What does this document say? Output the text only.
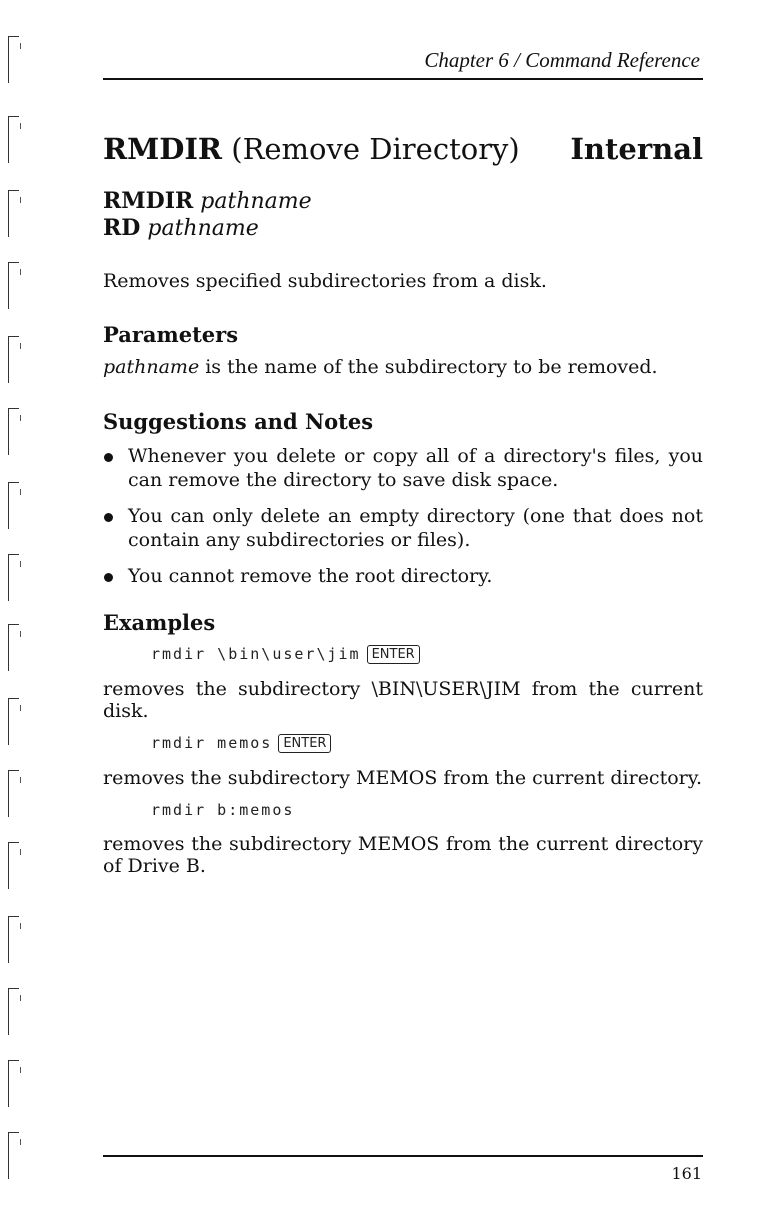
Chapter 6 / Command Reference
RMDIR (Remove Directory) Internal
RMDIR pathname
RD pathname
Removes specified subdirectories from a disk.
Parameters
pathname is the name of the subdirectory to be removed.
Suggestions and Notes
Whenever you delete or copy all of a directory's files, you can remove the directory to save disk space.
You can only delete an empty directory (one that does not contain any subdirectories or files).
You cannot remove the root directory.
Examples
rmdir \bin\user\jim ENTER
removes the subdirectory \BIN\USER\JIM from the current disk.
rmdir memos ENTER
removes the subdirectory MEMOS from the current directory.
rmdir b:memos
removes the subdirectory MEMOS from the current directory of Drive B.
161
